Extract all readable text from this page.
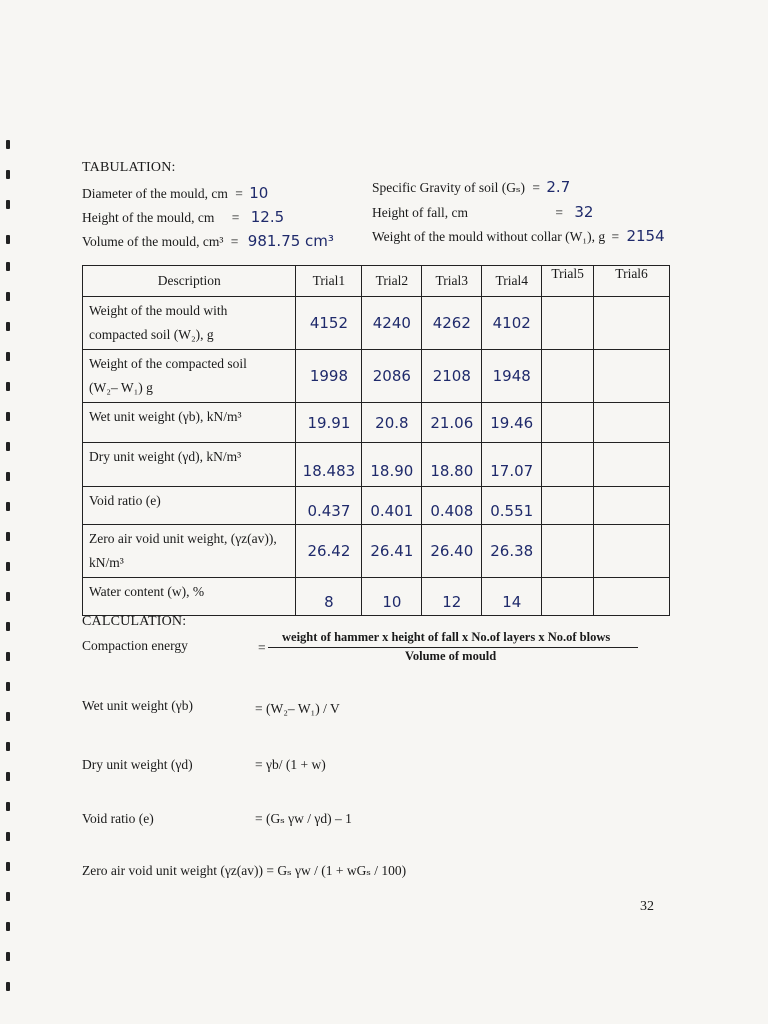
TABULATION:
Diameter of the mould, cm = 10
Height of the mould, cm = 12.5
Volume of the mould, cm³ = 981.75 cm³
Specific Gravity of soil (Gₛ) = 2.7
Height of fall, cm	= 32
Weight of the mould without collar (W₁), g = 2154
Description	Trial1	Trial2	Trial3	Trial4	Trial5	Trial6

Weight of the mould with
compacted soil (W₂), g	4152	4240	4262	4102		

Weight of the compacted soil
(W₂– W₁) g	1998	2086	2108	1948		

Wet unit weight (γb), kN/m³	19.91	20.8	21.06	19.46		

Dry unit weight (γd), kN/m³	18.483	18.90	18.80	17.07		

Void ratio (e)	0.437	0.401	0.408	0.551		

Zero air void unit weight, (γz(av)),
kN/m³	26.42	26.41	26.40	26.38		

Water content (w), %	8	10	12	14		
CALCULATION:
Compaction energy	=
weight of hammer x height of fall x No.of layers x No.of blows
Volume of mould
Wet unit weight (γb)	= (W₂– W₁) / V
Dry unit weight (γd)	= γb/ (1 + w)
Void ratio (e)	= (Gₛ γw / γd) – 1
Zero air void unit weight (γz(av)) = Gₛ γw / (1 + wGₛ / 100)
32
